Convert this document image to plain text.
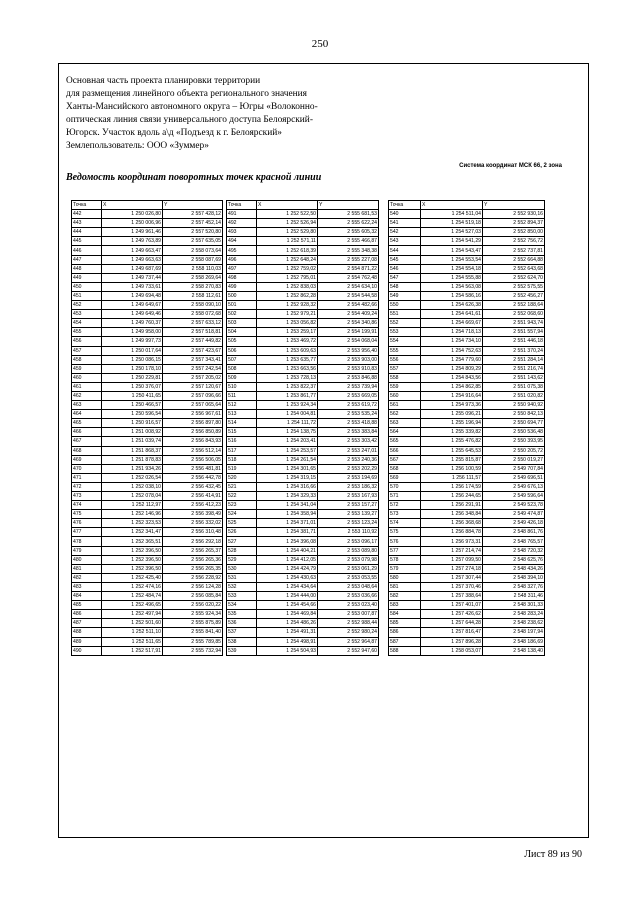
250
Основная часть проекта планировки территории
для размещения линейного объекта регионального значения
Ханты-Мансийского автономного округа – Югры «Волоконно-
оптическая линия связи универсального доступа Белоярский-
Югорск. Участок вдоль а\д «Подъезд к г. Белоярский»
Землепользователь: ООО «Зуммер»
Система координат МСК 66, 2 зона
Ведомость координат поворотных точек красной линии
Точка	X	Y
442	1 250 026,80	2 557 428,12
443	1 250 006,96	2 557 452,14
444	1 249 961,46	2 557 520,80
445	1 249 763,89	2 557 635,05
446	1 249 663,47	2 558 073,64
447	1 249 663,63	2 558 087,69
448	1 249 687,69	2 558 110,03
449	1 249 737,44	2 558 269,64
450	1 249 733,61	2 558 270,83
451	1 249 694,48	2 558 112,61
452	1 249 649,67	2 558 090,10
453	1 249 649,46	2 558 072,68
454	1 249 760,37	2 557 633,12
455	1 249 958,00	2 557 518,81
456	1 249 997,73	2 557 449,82
457	1 250 017,64	2 557 423,67
458	1 250 086,15	2 557 343,41
459	1 250 178,10	2 557 242,54
460	1 250 229,81	2 557 205,02
461	1 250 376,07	2 557 120,67
462	1 250 411,65	2 557 096,66
463	1 250 466,57	2 557 065,64
464	1 250 596,54	2 556 967,61
465	1 250 916,57	2 556 897,80
466	1 251 008,92	2 556 850,89
467	1 251 039,74	2 556 843,93
468	1 251 868,37	2 556 512,14
469	1 251 878,83	2 556 506,05
470	1 251 934,26	2 556 481,81
471	1 252 026,54	2 556 442,78
472	1 252 038,10	2 556 432,45
473	1 252 078,04	2 556 414,91
474	1 252 112,97	2 556 412,23
475	1 252 146,96	2 556 398,49
476	1 252 323,53	2 556 332,02
477	1 252 341,47	2 556 310,48
478	1 252 365,51	2 556 292,18
479	1 252 396,50	2 556 265,37
480	1 252 396,50	2 556 265,36
481	1 252 396,50	2 556 265,35
482	1 252 425,40	2 556 228,92
483	1 252 474,16	2 556 124,28
484	1 252 484,74	2 556 085,84
485	1 252 496,65	2 556 020,22
486	1 252 497,94	2 555 924,34
487	1 252 501,60	2 555 875,89
488	1 252 511,10	2 555 841,40
489	1 252 511,65	2 555 789,85
490	1 252 517,91	2 555 732,94
Точка	X	Y
491	1 252 522,50	2 555 681,53
492	1 252 526,94	2 555 622,24
493	1 252 529,80	2 555 605,32
494	1 252 571,11	2 555 466,87
495	1 252 618,39	2 555 348,38
496	1 252 648,24	2 555 227,08
497	1 252 759,02	2 554 871,22
498	1 252 795,01	2 554 762,48
499	1 252 838,03	2 554 634,10
500	1 252 862,28	2 554 544,58
501	1 252 928,32	2 554 482,66
502	1 252 979,21	2 554 409,24
503	1 253 056,82	2 554 340,86
504	1 253 259,17	2 554 199,91
505	1 253 469,72	2 554 068,04
506	1 253 609,63	2 553 956,40
507	1 253 635,77	2 553 903,00
508	1 253 663,56	2 553 910,83
509	1 253 728,13	2 553 846,88
510	1 253 822,37	2 553 739,94
511	1 253 861,77	2 553 669,05
512	1 253 924,34	2 553 619,72
513	1 254 004,81	2 553 535,24
514	1 254 111,72	2 553 418,88
515	1 254 138,75	2 553 383,84
516	1 254 203,41	2 553 303,42
517	1 254 253,57	2 553 247,01
518	1 254 261,54	2 553 240,36
519	1 254 301,65	2 553 202,29
520	1 254 319,15	2 553 194,69
521	1 254 316,66	2 553 186,32
522	1 254 329,33	2 553 167,93
523	1 254 341,04	2 553 157,27
524	1 254 358,94	2 553 139,27
525	1 254 371,01	2 553 123,24
526	1 254 381,71	2 553 110,92
527	1 254 396,08	2 553 096,17
528	1 254 404,21	2 553 089,80
529	1 254 412,05	2 553 079,98
530	1 254 424,79	2 553 061,29
531	1 254 430,63	2 553 053,55
532	1 254 434,64	2 553 048,64
533	1 254 444,00	2 553 036,66
534	1 254 454,66	2 553 023,40
535	1 254 469,84	2 553 007,87
536	1 254 486,26	2 552 988,44
537	1 254 491,31	2 552 980,24
538	1 254 498,91	2 552 964,87
539	1 254 504,93	2 552 947,60
Точка	X	Y
540	1 254 511,04	2 552 930,16
541	1 254 519,18	2 552 894,37
542	1 254 527,03	2 552 850,00
543	1 254 541,29	2 552 756,72
544	1 254 543,47	2 552 737,81
545	1 254 553,54	2 552 664,88
546	1 254 554,18	2 552 643,68
547	1 254 555,88	2 552 624,70
548	1 254 563,08	2 552 575,55
549	1 254 586,16	2 552 456,27
550	1 254 626,38	2 552 188,64
551	1 254 641,61	2 552 068,60
552	1 254 669,67	2 551 943,74
553	1 254 718,13	2 551 557,94
554	1 254 734,10	2 551 446,18
555	1 254 752,63	2 551 370,24
556	1 254 779,60	2 551 284,14
557	1 254 809,29	2 551 216,74
558	1 254 843,56	2 551 143,62
559	1 254 862,85	2 551 075,38
560	1 254 916,64	2 551 020,82
561	1 254 973,36	2 550 940,92
562	1 255 096,21	2 550 842,13
563	1 255 196,94	2 550 694,77
564	1 255 339,82	2 550 536,48
565	1 255 476,82	2 550 393,95
566	1 255 645,53	2 550 205,72
567	1 255 815,87	2 550 019,27
568	1 256 100,59	2 549 707,84
569	1 256 111,57	2 549 696,51
570	1 256 174,59	2 549 676,13
571	1 256 244,65	2 549 596,64
572	1 256 291,91	2 549 523,78
573	1 256 348,84	2 549 474,87
574	1 256 368,68	2 549 426,18
575	1 256 884,78	2 548 861,76
576	1 256 973,31	2 548 765,57
577	1 257 214,74	2 548 720,32
578	1 257 099,50	2 548 625,76
579	1 257 274,18	2 548 434,26
580	1 257 307,44	2 548 394,10
581	1 257 370,46	2 548 327,76
582	1 257 388,64	2 548 311,46
583	1 257 401,07	2 548 301,33
584	1 257 426,62	2 548 283,24
585	1 257 644,28	2 548 238,62
586	1 257 816,47	2 548 197,94
587	1 257 896,28	2 548 186,69
588	1 258 053,07	2 548 138,40
Лист 89 из 90
